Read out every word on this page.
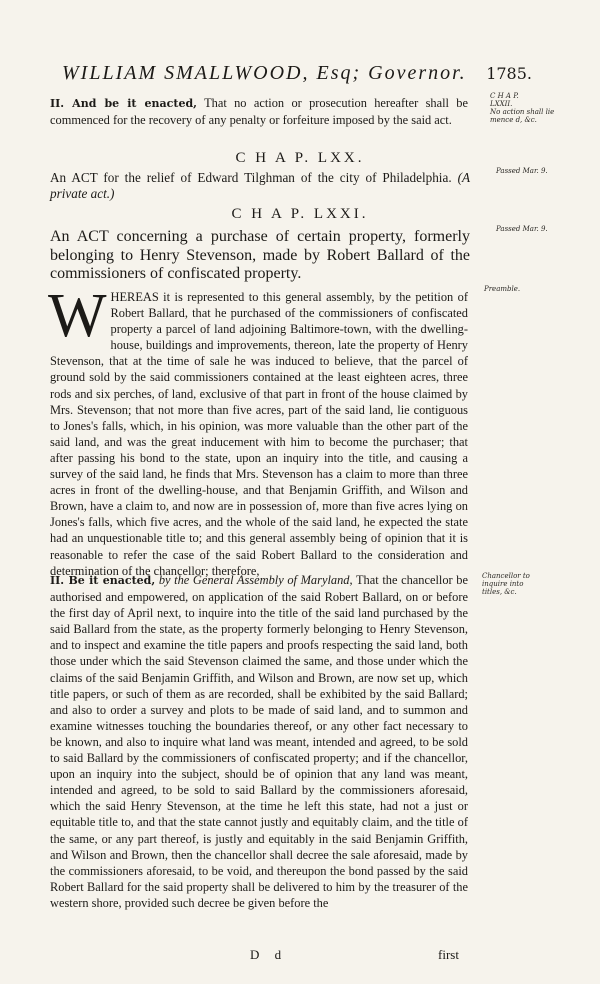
WILLIAM SMALLWOOD, Esq; Governor. 1785.
C H A P.
LXXII.
No action shall lie
mence d, &c.
II. And be it enacted, That no action or prosecution hereafter shall be commenced for the recovery of any penalty or forfeiture imposed by the said act.
C H A P. LXX.
Passed Mar. 9.
An ACT for the relief of Edward Tilghman of the city of Philadelphia. (A private act.)
C H A P. LXXI.
Passed Mar. 9.
An ACT concerning a purchase of certain property, formerly belonging to Henry Stevenson, made by Robert Ballard of the commissioners of confiscated property.
Preamble.
W HEREAS it is represented to this general assembly, by the petition of Robert Ballard, that he purchased of the commissioners of confiscated property a parcel of land adjoining Baltimore-town, with the dwelling-house, buildings and improvements, thereon, late the property of Henry Stevenson, that at the time of sale he was induced to believe, that the parcel of ground sold by the said commissioners contained at the least eighteen acres, three rods and six perches, of land, exclusive of that part in front of the house claimed by Mrs. Stevenson; that not more than five acres, part of the said land, lie contiguous to Jones's falls, which, in his opinion, was more valuable than the other part of the said land, and was the great inducement with him to become the purchaser; that after passing his bond to the state, upon an inquiry into the title, and causing a survey of the said land, he finds that Mrs. Stevenson has a claim to more than three acres in front of the dwelling-house, and that Benjamin Griffith, and Wilson and Brown, have a claim to, and now are in possession of, more than five acres lying on Jones's falls, which five acres, and the whole of the said land, he expected the state had an unquestionable title to; and this general assembly being of opinion that it is reasonable to refer the case of the said Robert Ballard to the consideration and determination of the chancellor; therefore,	Chancellor to
inquire into
titles, &c.
II. Be it enacted, by the General Assembly of Maryland, That the chancellor be authorised and empowered, on application of the said Robert Ballard, on or before the first day of April next, to inquire into the title of the said land purchased by the said Ballard from the state, as the property formerly belonging to Henry Stevenson, and to inspect and examine the title papers and proofs respecting the said land, both those under which the said Stevenson claimed the same, and those under which the claims of the said Benjamin Griffith, and Wilson and Brown, are now set up, which title papers, or such of them as are recorded, shall be exhibited by the said Ballard; and also to order a survey and plots to be made of said land, and to summon and examine witnesses touching the boundaries thereof, or any other fact necessary to be known, and also to inquire what land was meant, intended and agreed, to be sold to said Ballard by the commissioners of confiscated property; and if the chancellor, upon an inquiry into the subject, should be of opinion that any land was meant, intended and agreed, to be sold to said Ballard by the commissioners aforesaid, which the said Henry Stevenson, at the time he left this state, had not a just or equitable title to, and that the state cannot justly and equitably claim, and the title of the same, or any part thereof, is justly and equitably in the said Benjamin Griffith, and Wilson and Brown, then the chancellor shall decree the sale aforesaid, made by the commissioners aforesaid, to be void, and thereupon the bond passed by the said Robert Ballard for the said property shall be delivered to him by the treasurer of the western shore, provided such decree be given before the
D d	first
